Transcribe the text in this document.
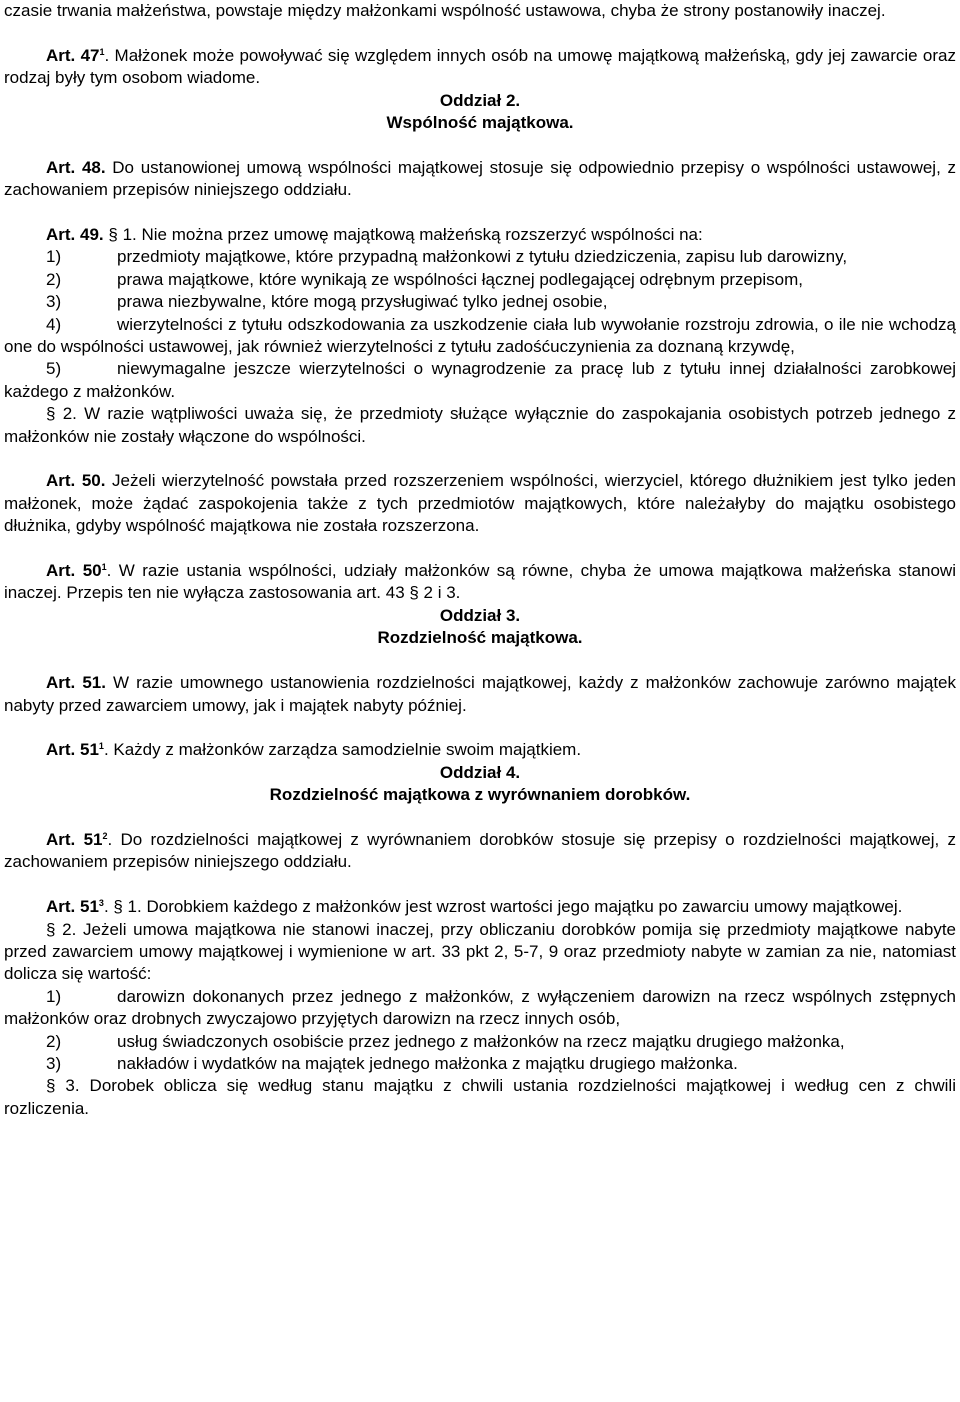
czasie trwania małżeństwa, powstaje między małżonkami wspólność ustawowa, chyba że strony postanowiły inaczej.

Art. $47^1$. Małżonek może powoływać się względem innych osób na umowę majątkową małżeńską, gdy jej zawarcie oraz rodzaj były tym osobom wiadome.

Oddział 2.

Wspólność majątkowa.

Art. 48. Do ustanowionej umową wspólności majątkowej stosuje się odpowiednio przepisy o wspólności ustawowej, z zachowaniem przepisów niniejszego oddziału.

Art. 49. § 1. Nie można przez umowę majątkową małżeńską rozszerzyć wspólności na:

1)	przedmioty majątkowe, które przypadną małżonkowi z tytułu dziedziczenia, zapisu lub darowizny,

2)	prawa majątkowe, które wynikają ze wspólności łącznej podlegającej odrębnym przepisom,

3)	prawa niezbywalne, które mogą przysługiwać tylko jednej osobie,

4)	wierzytelności z tytułu odszkodowania za uszkodzenie ciała lub wywołanie rozstroju zdrowia, o ile nie wchodzą one do wspólności ustawowej, jak również wierzytelności z tytułu zadośćuczynienia za doznaną krzywdę,

5)	niewymagalne jeszcze wierzytelności o wynagrodzenie za pracę lub z tytułu innej działalności zarobkowej każdego z małżonków.

§ 2. W razie wątpliwości uważa się, że przedmioty służące wyłącznie do zaspokajania osobistych potrzeb jednego z małżonków nie zostały włączone do wspólności.

Art. 50. Jeżeli wierzytelność powstała przed rozszerzeniem wspólności, wierzyciel, którego dłużnikiem jest tylko jeden małżonek, może żądać zaspokojenia także z tych przedmiotów majątkowych, które należałyby do majątku osobistego dłużnika, gdyby wspólność majątkowa nie została rozszerzona.

Art. $50^1$. W razie ustania wspólności, udziały małżonków są równe, chyba że umowa majątkowa małżeńska stanowi inaczej. Przepis ten nie wyłącza zastosowania art. 43 § 2 i 3.

Oddział 3.

Rozdzielność majątkowa.

Art. 51. W razie umownego ustanowienia rozdzielności majątkowej, każdy z małżonków zachowuje zarówno majątek nabyty przed zawarciem umowy, jak i majątek nabyty później.

Art. $51^1$. Każdy z małżonków zarządza samodzielnie swoim majątkiem.

Oddział 4.

Rozdzielność majątkowa z wyrównaniem dorobków.

Art. $51^2$. Do rozdzielności majątkowej z wyrównaniem dorobków stosuje się przepisy o rozdzielności majątkowej, z zachowaniem przepisów niniejszego oddziału.

Art. $51^3$. § 1. Dorobkiem każdego z małżonków jest wzrost wartości jego majątku po zawarciu umowy majątkowej.

§ 2. Jeżeli umowa majątkowa nie stanowi inaczej, przy obliczaniu dorobków pomija się przedmioty majątkowe nabyte przed zawarciem umowy majątkowej i wymienione w art. 33 pkt 2, 5-7, 9 oraz przedmioty nabyte w zamian za nie, natomiast dolicza się wartość:

1)	darowizn dokonanych przez jednego z małżonków, z wyłączeniem darowizn na rzecz wspólnych zstępnych małżonków oraz drobnych zwyczajowo przyjętych darowizn na rzecz innych osób,

2)	usług świadczonych osobiście przez jednego z małżonków na rzecz majątku drugiego małżonka,

3)	nakładów i wydatków na majątek jednego małżonka z majątku drugiego małżonka.

§ 3. Dorobek oblicza się według stanu majątku z chwili ustania rozdzielności majątkowej i według cen z chwili rozliczenia.
